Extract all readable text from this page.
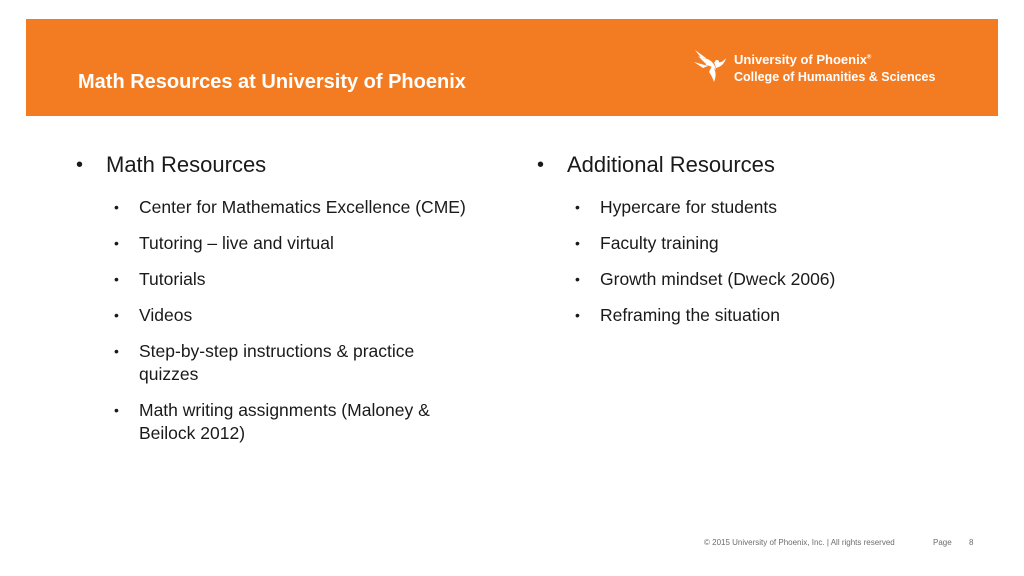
Math Resources at University of Phoenix
University of Phoenix®
College of Humanities & Sciences
• Math Resources
• Center for Mathematics Excellence (CME)
• Tutoring – live and virtual
• Tutorials
• Videos
• Step-by-step instructions & practice quizzes
• Math writing assignments (Maloney & Beilock 2012)
• Additional Resources
• Hypercare for students
• Faculty training
• Growth mindset (Dweck 2006)
• Reframing the situation
© 2015 University of Phoenix, Inc. | All rights reserved	Page 8
